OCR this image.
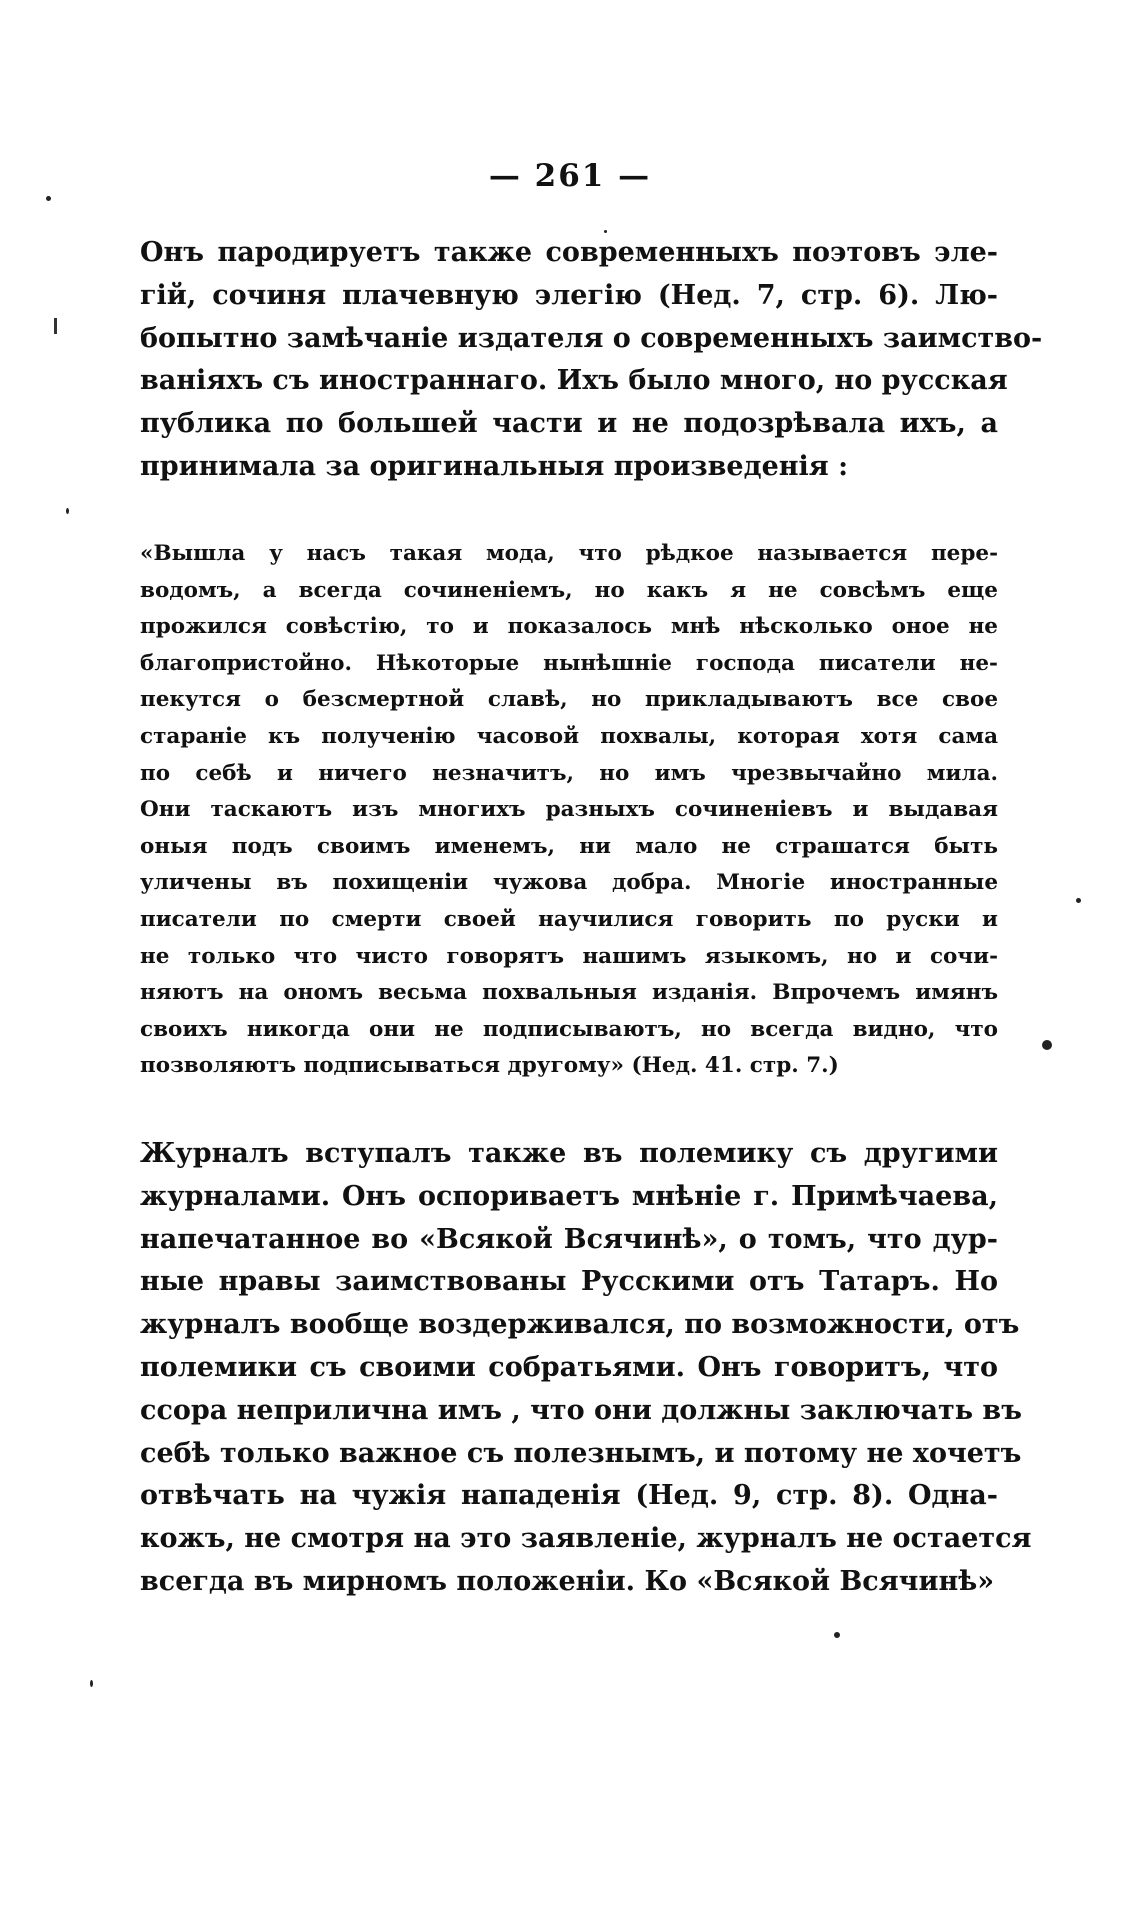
— 261 —
Онъ пародируетъ также современныхъ поэтовъ эле-
гій, сочиня плачевную элегію (Нед. 7, стр. 6). Лю-
бопытно замѣчаніе издателя о современныхъ заимство-
ваніяхъ съ иностраннаго. Ихъ было много, но русская
публика по большей части и не подозрѣвала ихъ, а
принимала за оригинальныя произведенія :
«Вышла у насъ такая мода, что рѣдкое называется пере-
водомъ, а всегда сочиненіемъ, но какъ я не совсѣмъ еще
прожился совѣстію, то и показалось мнѣ нѣсколько оное не
благопристойно. Нѣкоторые нынѣшніе господа писатели не-
пекутся о безсмертной славѣ, но прикладываютъ все свое
стараніе къ полученію часовой похвалы, которая хотя сама
по себѣ и ничего незначитъ, но имъ чрезвычайно мила.
Они таскаютъ изъ многихъ разныхъ сочиненіевъ и выдавая
оныя подъ своимъ именемъ, ни мало не страшатся быть
уличены въ похищеніи чужова добра. Многіе иностранные
писатели по смерти своей научилися говорить по руски и
не только что чисто говорятъ нашимъ языкомъ, но и сочи-
няютъ на ономъ весьма похвальныя изданія. Впрочемъ имянъ
своихъ никогда они не подписываютъ, но всегда видно, что
позволяютъ подписываться другому» (Нед. 41. стр. 7.)
Журналъ вступалъ также въ полемику съ другими
журналами. Онъ оспориваетъ мнѣніе г. Примѣчаева,
напечатанное во «Всякой Всячинѣ», о томъ, что дур-
ные нравы заимствованы Русскими отъ Татаръ. Но
журналъ вообще воздерживался, по возможности, отъ
полемики съ своими собратьями. Онъ говоритъ, что
ссора неприлична имъ , что они должны заключать въ
себѣ только важное съ полезнымъ, и потому не хочетъ
отвѣчать на чужія нападенія (Нед. 9, стр. 8). Одна-
кожъ, не смотря на это заявленіе, журналъ не остается
всегда въ мирномъ положеніи. Ко «Всякой Всячинѣ»
